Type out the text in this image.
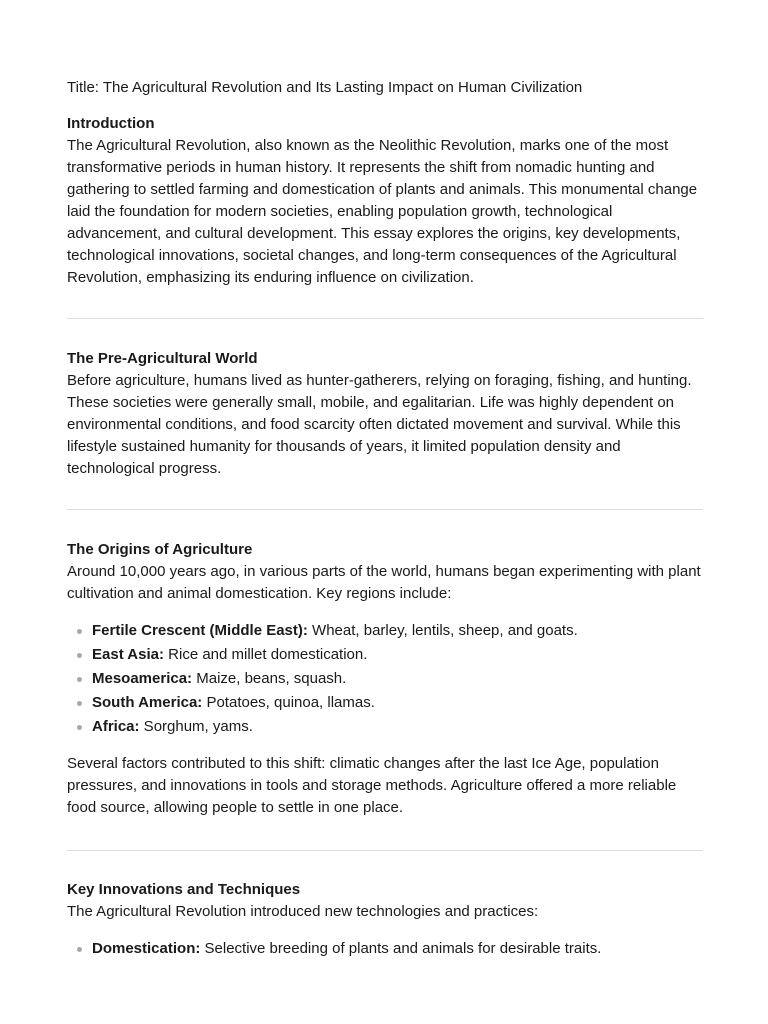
Title: The Agricultural Revolution and Its Lasting Impact on Human Civilization

Introduction

The Agricultural Revolution, also known as the Neolithic Revolution, marks one of the most transformative periods in human history. It represents the shift from nomadic hunting and gathering to settled farming and domestication of plants and animals. This monumental change laid the foundation for modern societies, enabling population growth, technological advancement, and cultural development. This essay explores the origins, key developments, technological innovations, societal changes, and long-term consequences of the Agricultural Revolution, emphasizing its enduring influence on civilization.

The Pre-Agricultural World

Before agriculture, humans lived as hunter-gatherers, relying on foraging, fishing, and hunting. These societies were generally small, mobile, and egalitarian. Life was highly dependent on environmental conditions, and food scarcity often dictated movement and survival. While this lifestyle sustained humanity for thousands of years, it limited population density and technological progress.

The Origins of Agriculture

Around 10,000 years ago, in various parts of the world, humans began experimenting with plant cultivation and animal domestication. Key regions include:

Fertile Crescent (Middle East): Wheat, barley, lentils, sheep, and goats.
East Asia: Rice and millet domestication.
Mesoamerica: Maize, beans, squash.
South America: Potatoes, quinoa, llamas.
Africa: Sorghum, yams.

Several factors contributed to this shift: climatic changes after the last Ice Age, population pressures, and innovations in tools and storage methods. Agriculture offered a more reliable food source, allowing people to settle in one place.

Key Innovations and Techniques

The Agricultural Revolution introduced new technologies and practices:

Domestication: Selective breeding of plants and animals for desirable traits.
